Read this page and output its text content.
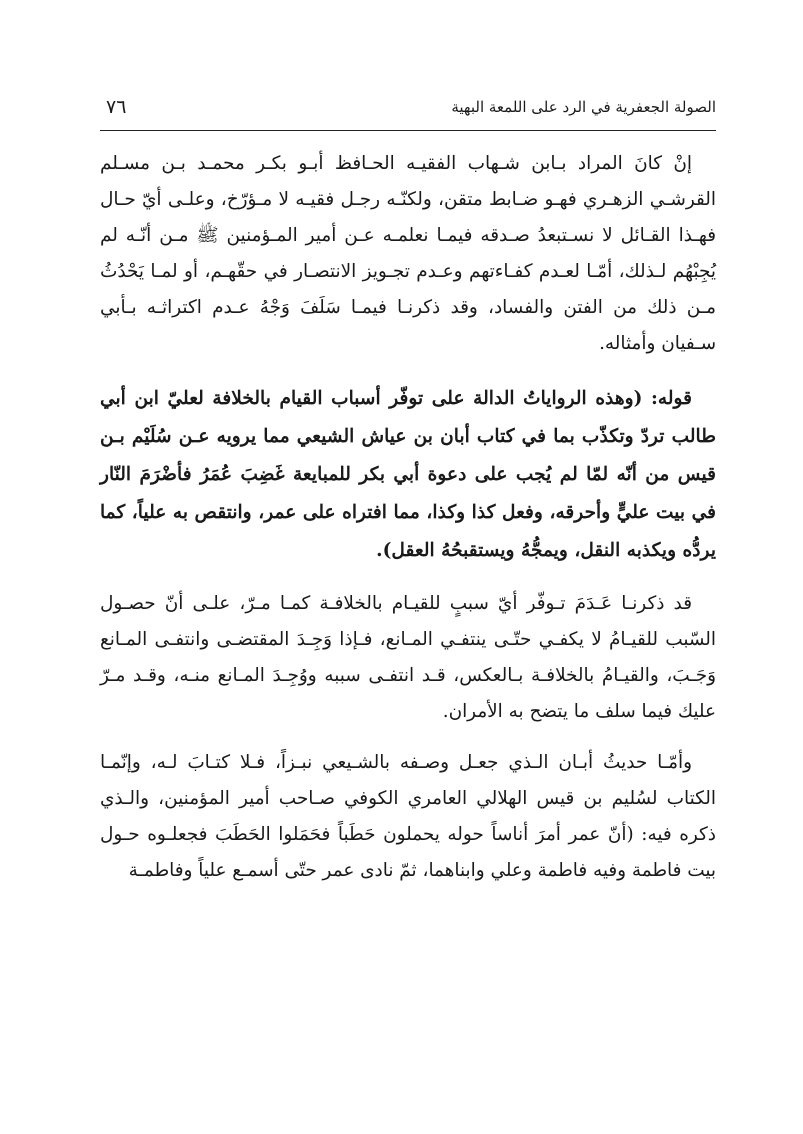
الصولة الجعفرية في الرد على اللمعة البهية
٧٦

إنْ كانَ المراد بـابن شـهاب الفقيـه الحـافظ أبـو بكـر محمـد بـن مسـلم القرشـي الزهـري فهـو ضـابط متقن، ولكنّـه رجـل فقيـه لا مـؤرّخ، وعلـى أيّ حـال فهـذا القـائل لا نسـتبعدُ صـدقه فيمـا نعلمـه عـن أمير المـؤمنين ﷺ مـن أنّـه لم يُجِبْهُم لـذلك، أمّـا لعـدم كفـاءتهم وعـدم تجـويز الانتصـار في حقّهـم، أو لمـا يَحْدُثُ مـن ذلك من الفتن والفساد، وقد ذكرنـا فيمـا سَلَفَ وَجْهُ عـدم اكتراثـه بـأبي سـفيان وأمثاله.

قوله: (وهذه الرواياتُ الدالة على توفّر أسباب القيام بالخلافة لعليّ ابن أبي طالب تردّ وتكذّب بما في كتاب أبان بن عياش الشيعي مما يرويه عـن سُلَيْم بـن قيس من أنّه لمّا لم يُجب على دعوة أبي بكر للمبايعة غَضِبَ عُمَرُ فأضْرَمَ النّار في بيت عليٍّ وأحرقه، وفعل كذا وكذا، مما افتراه على عمر، وانتقص به علياً، كما يردُّه ويكذبه النقل، ويمجُّهُ ويستقبحُهُ العقل).

قد ذكرنـا عَـدَمَ تـوفّر أيّ سببٍ للقيـام بالخلافـة كمـا مـرّ، علـى أنّ حصـول السّبب للقيـامُ لا يكفـي حتّـى ينتفـي المـانع، فـإذا وَجِـدَ المقتضـى وانتفـى المـانع وَجَـبَ، والقيـامُ بالخلافـة بـالعكس، قـد انتفـى سببه ووُجِـدَ المـانع منـه، وقـد مـرّ عليك فيما سلف ما يتضح به الأمران.

وأمّـا حديثُ أبـان الـذي جعـل وصـفه بالشـيعي نبـزاً، فـلا كتـابَ لـه، وإنّمـا الكتاب لسُليم بن قيس الهلالي العامري الكوفي صـاحب أمير المؤمنين، والـذي ذكره فيه: (أنّ عمر أمرَ أناساً حوله يحملون حَطَباً فحَمَلوا الحَطَبَ فجعلـوه حـول بيت فاطمة وفيه فاطمة وعلي وابناهما، ثمّ نادى عمر حتّى أسمـع علياً وفاطمـة
